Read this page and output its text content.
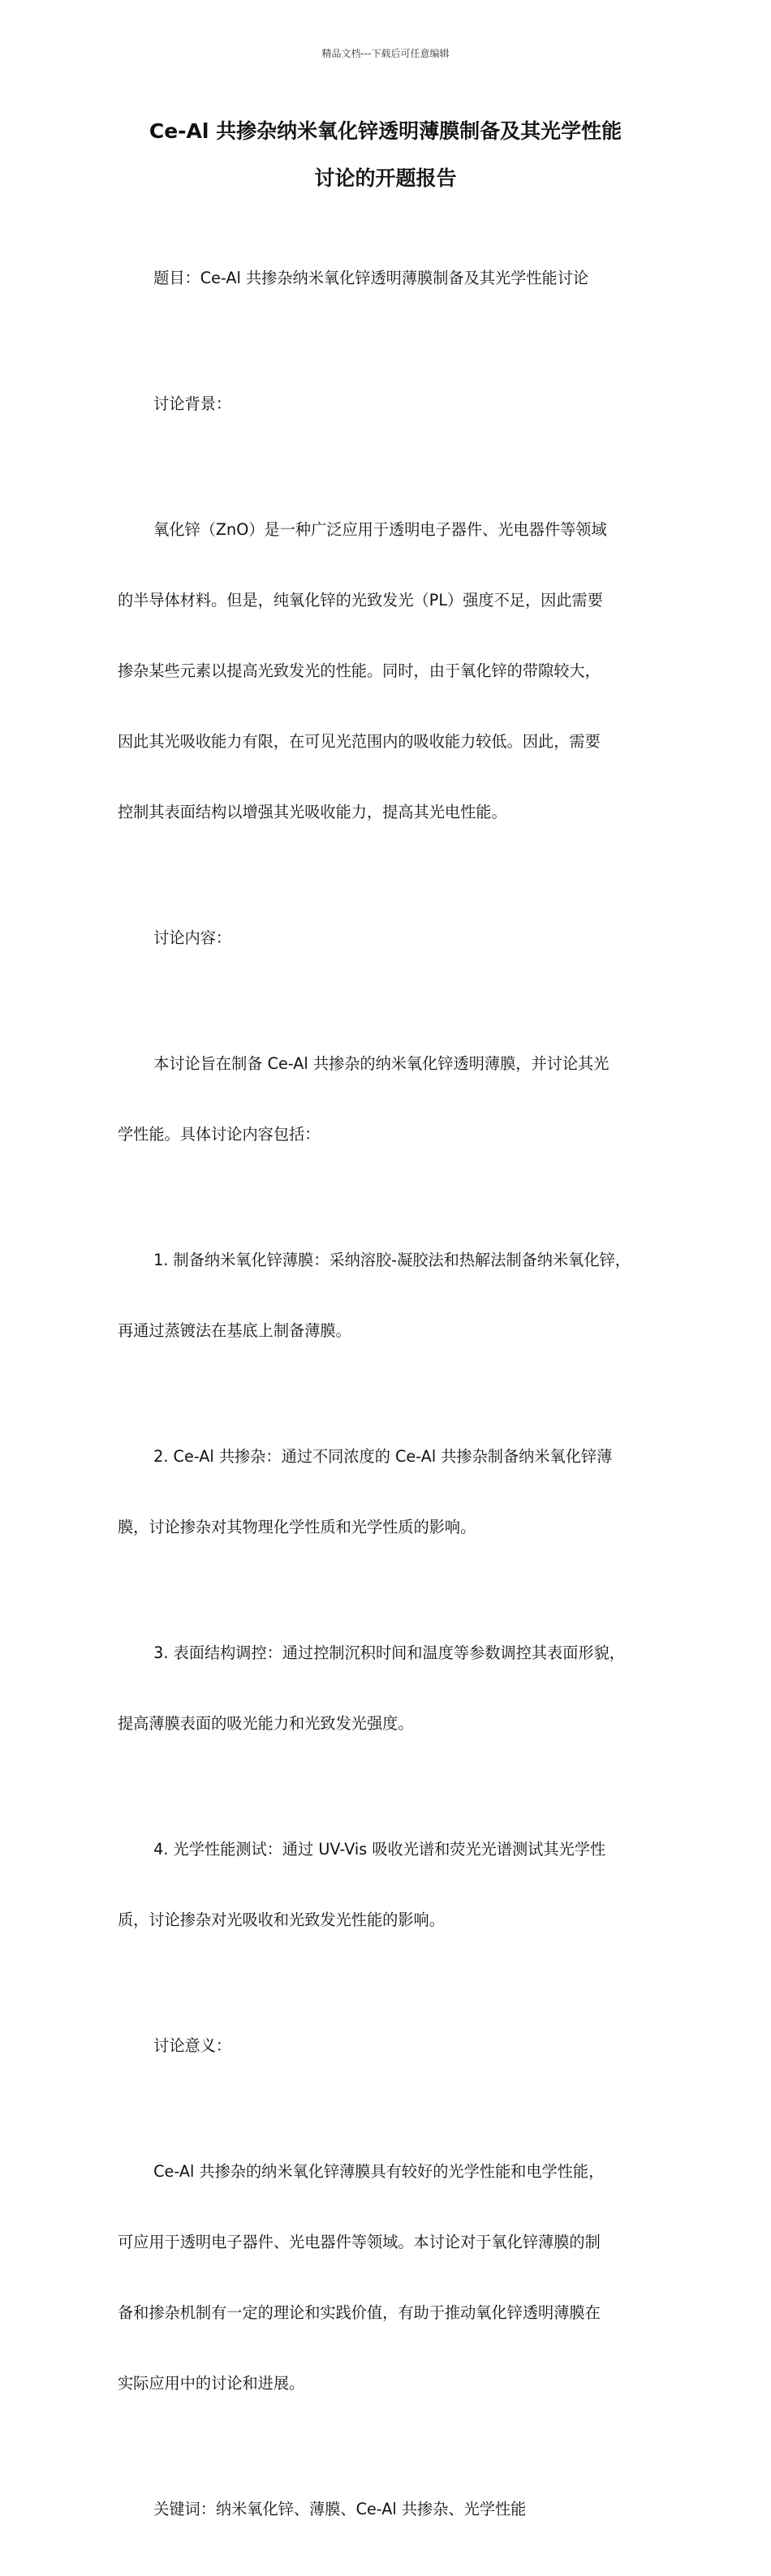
精品文档---下载后可任意编辑
Ce-Al 共掺杂纳米氧化锌透明薄膜制备及其光学性能
讨论的开题报告

题目：Ce-Al 共掺杂纳米氧化锌透明薄膜制备及其光学性能讨论

讨论背景：

氧化锌（ZnO）是一种广泛应用于透明电子器件、光电器件等领域

的半导体材料。但是，纯氧化锌的光致发光（PL）强度不足，因此需要

掺杂某些元素以提高光致发光的性能。同时，由于氧化锌的带隙较大，

因此其光吸收能力有限，在可见光范围内的吸收能力较低。因此，需要

控制其表面结构以增强其光吸收能力，提高其光电性能。

讨论内容：

本讨论旨在制备 Ce-Al 共掺杂的纳米氧化锌透明薄膜，并讨论其光

学性能。具体讨论内容包括：

1. 制备纳米氧化锌薄膜：采纳溶胶-凝胶法和热解法制备纳米氧化锌，

再通过蒸镀法在基底上制备薄膜。

2. Ce-Al 共掺杂：通过不同浓度的 Ce-Al 共掺杂制备纳米氧化锌薄

膜，讨论掺杂对其物理化学性质和光学性质的影响。

3. 表面结构调控：通过控制沉积时间和温度等参数调控其表面形貌，

提高薄膜表面的吸光能力和光致发光强度。

4. 光学性能测试：通过 UV-Vis 吸收光谱和荧光光谱测试其光学性

质，讨论掺杂对光吸收和光致发光性能的影响。

讨论意义：

Ce-Al 共掺杂的纳米氧化锌薄膜具有较好的光学性能和电学性能，

可应用于透明电子器件、光电器件等领域。本讨论对于氧化锌薄膜的制

备和掺杂机制有一定的理论和实践价值，有助于推动氧化锌透明薄膜在

实际应用中的讨论和进展。

关键词：纳米氧化锌、薄膜、Ce-Al 共掺杂、光学性能
